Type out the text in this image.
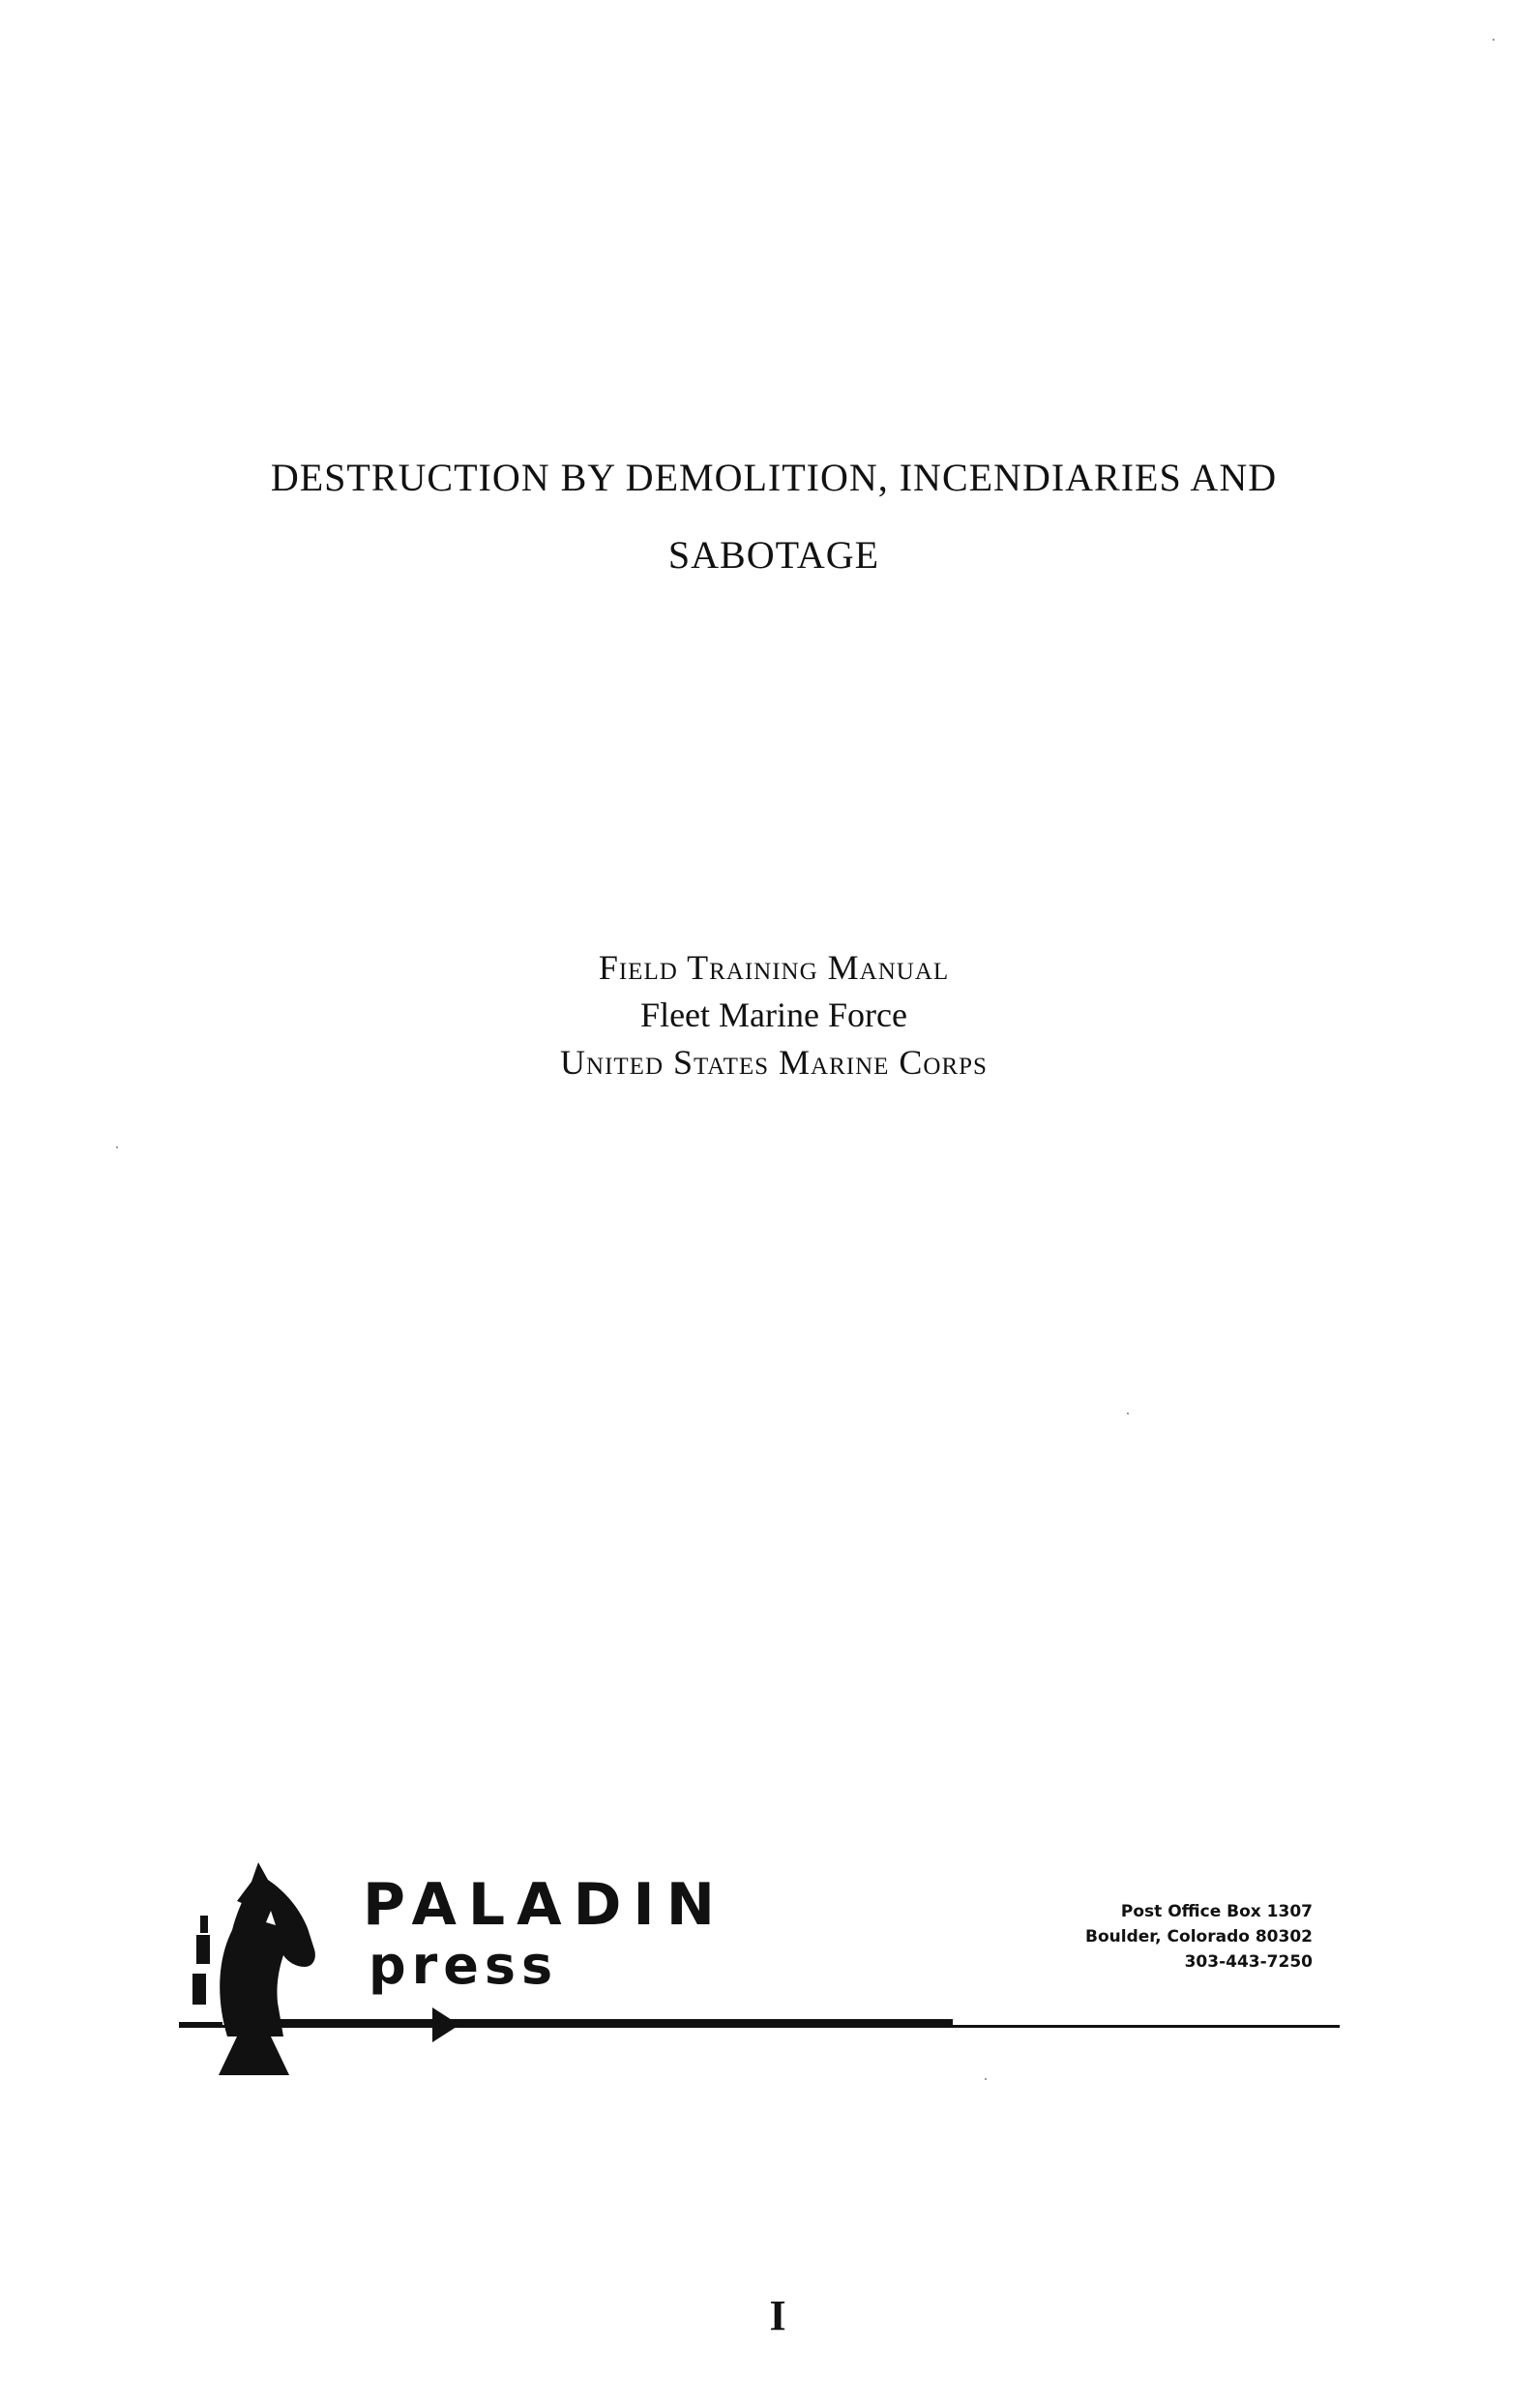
DESTRUCTION BY DEMOLITION, INCENDIARIES AND
SABOTAGE
Field Training Manual
Fleet Marine Force
United States Marine Corps
PALADIN
press
Post Office Box 1307
Boulder, Colorado 80302
303-443-7250
I
